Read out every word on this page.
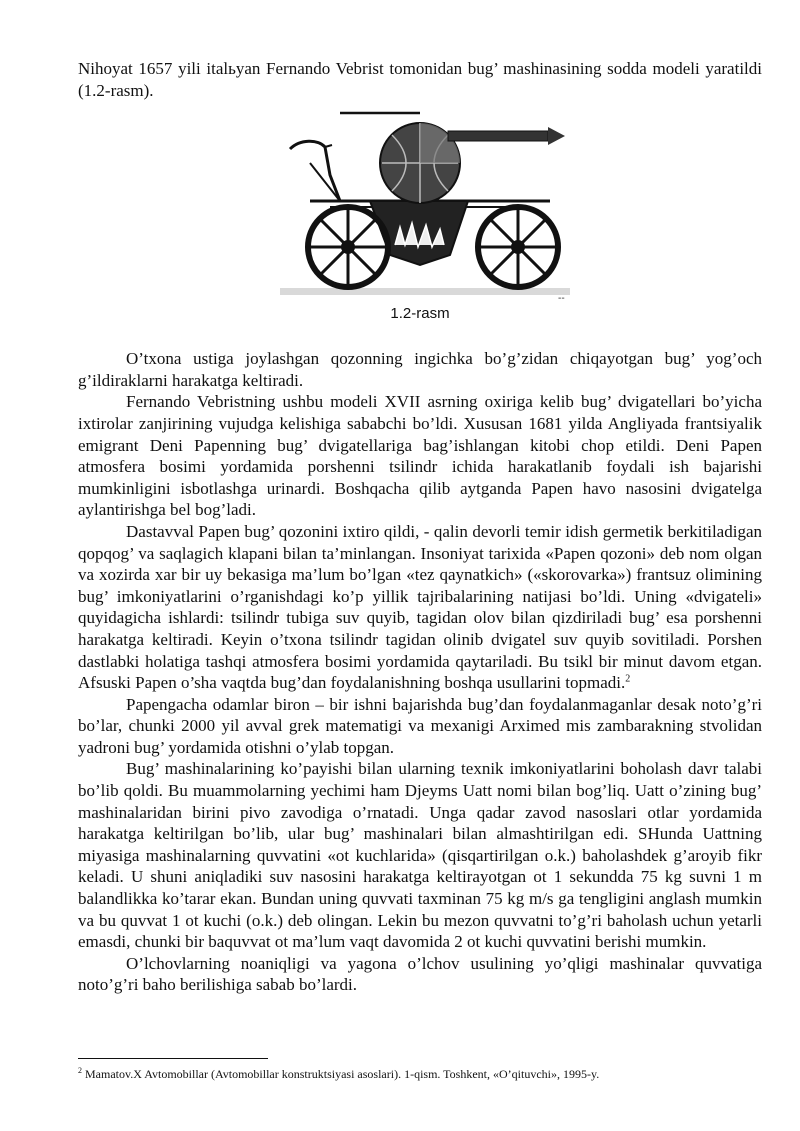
Nihoyat 1657 yili italьyan Fernando Vebrist tomonidan bug’ mashinasining sodda modeli yaratildi (1.2-rasm).

--
1.2-rasm

O’txona ustiga joylashgan qozonning ingichka bo’g’zidan chiqayotgan bug’ yog’och g’ildiraklarni harakatga keltiradi.

Fernando Vebristning ushbu modeli XVII asrning oxiriga kelib bug’ dvigatellari bo’yicha ixtirolar zanjirining vujudga kelishiga sababchi bo’ldi. Xususan 1681 yilda Angliyada frantsiyalik emigrant Deni Papenning bug’ dvigatellariga bag’ishlangan kitobi chop etildi. Deni Papen atmosfera bosimi yordamida porshenni tsilindr ichida harakatlanib foydali ish bajarishi mumkinligini isbotlashga urinardi. Boshqacha qilib aytganda Papen havo nasosini dvigatelga aylantirishga bel bog’ladi.

Dastavval Papen bug’ qozonini ixtiro qildi, - qalin devorli temir idish germetik berkitiladigan qopqog’ va saqlagich klapani bilan ta’minlangan. Insoniyat tarixida «Papen qozoni» deb nom olgan va xozirda xar bir uy bekasiga ma’lum bo’lgan «tez qaynatkich» («skorovarka») frantsuz olimining bug’ imkoniyatlarini o’rganishdagi ko’p yillik tajribalarining natijasi bo’ldi. Uning «dvigateli» quyidagicha ishlardi: tsilindr tubiga suv quyib, tagidan olov bilan qizdiriladi bug’ esa porshenni harakatga keltiradi. Keyin o’txona tsilindr tagidan olinib dvigatel suv quyib sovitiladi. Porshen dastlabki holatiga tashqi atmosfera bosimi yordamida qaytariladi. Bu tsikl bir minut davom etgan. Afsuski Papen o’sha vaqtda bug’dan foydalanishning boshqa usullarini topmadi.$^2$

Papengacha odamlar biron – bir ishni bajarishda bug’dan foydalanmaganlar desak noto’g’ri bo’lar, chunki 2000 yil avval grek matematigi va mexanigi Arximed mis zambarakning stvolidan yadroni bug’ yordamida otishni o’ylab topgan.

Bug’ mashinalarining ko’payishi bilan ularning texnik imkoniyatlarini boholash davr talabi bo’lib qoldi. Bu muammolarning yechimi ham Djeyms Uatt nomi bilan bog’liq. Uatt o’zining bug’ mashinalaridan birini pivo zavodiga o’rnatadi. Unga qadar zavod nasoslari otlar yordamida harakatga keltirilgan bo’lib, ular bug’ mashinalari bilan almashtirilgan edi. SHunda Uattning miyasiga mashinalarning quvvatini «ot kuchlarida» (qisqartirilgan o.k.) baholashdek g’aroyib fikr keladi. U shuni aniqladiki suv nasosini harakatga keltirayotgan ot 1 sekundda 75 kg suvni 1 m balandlikka ko’tarar ekan. Bundan uning quvvati taxminan 75 kg m/s ga tengligini anglash mumkin va bu quvvat 1 ot kuchi (o.k.) deb olingan. Lekin bu mezon quvvatni to’g’ri baholash uchun yetarli emasdi, chunki bir baquvvat ot ma’lum vaqt davomida 2 ot kuchi quvvatini berishi mumkin.

O’lchovlarning noaniqligi va yagona o’lchov usulining yo’qligi mashinalar quvvatiga noto’g’ri baho berilishiga sabab bo’lardi.

$^2$ Mamatov.X Avtomobillar (Avtomobillar konstruktsiyasi asoslari). 1-qism. Toshkent, «O’qituvchi», 1995-y.
